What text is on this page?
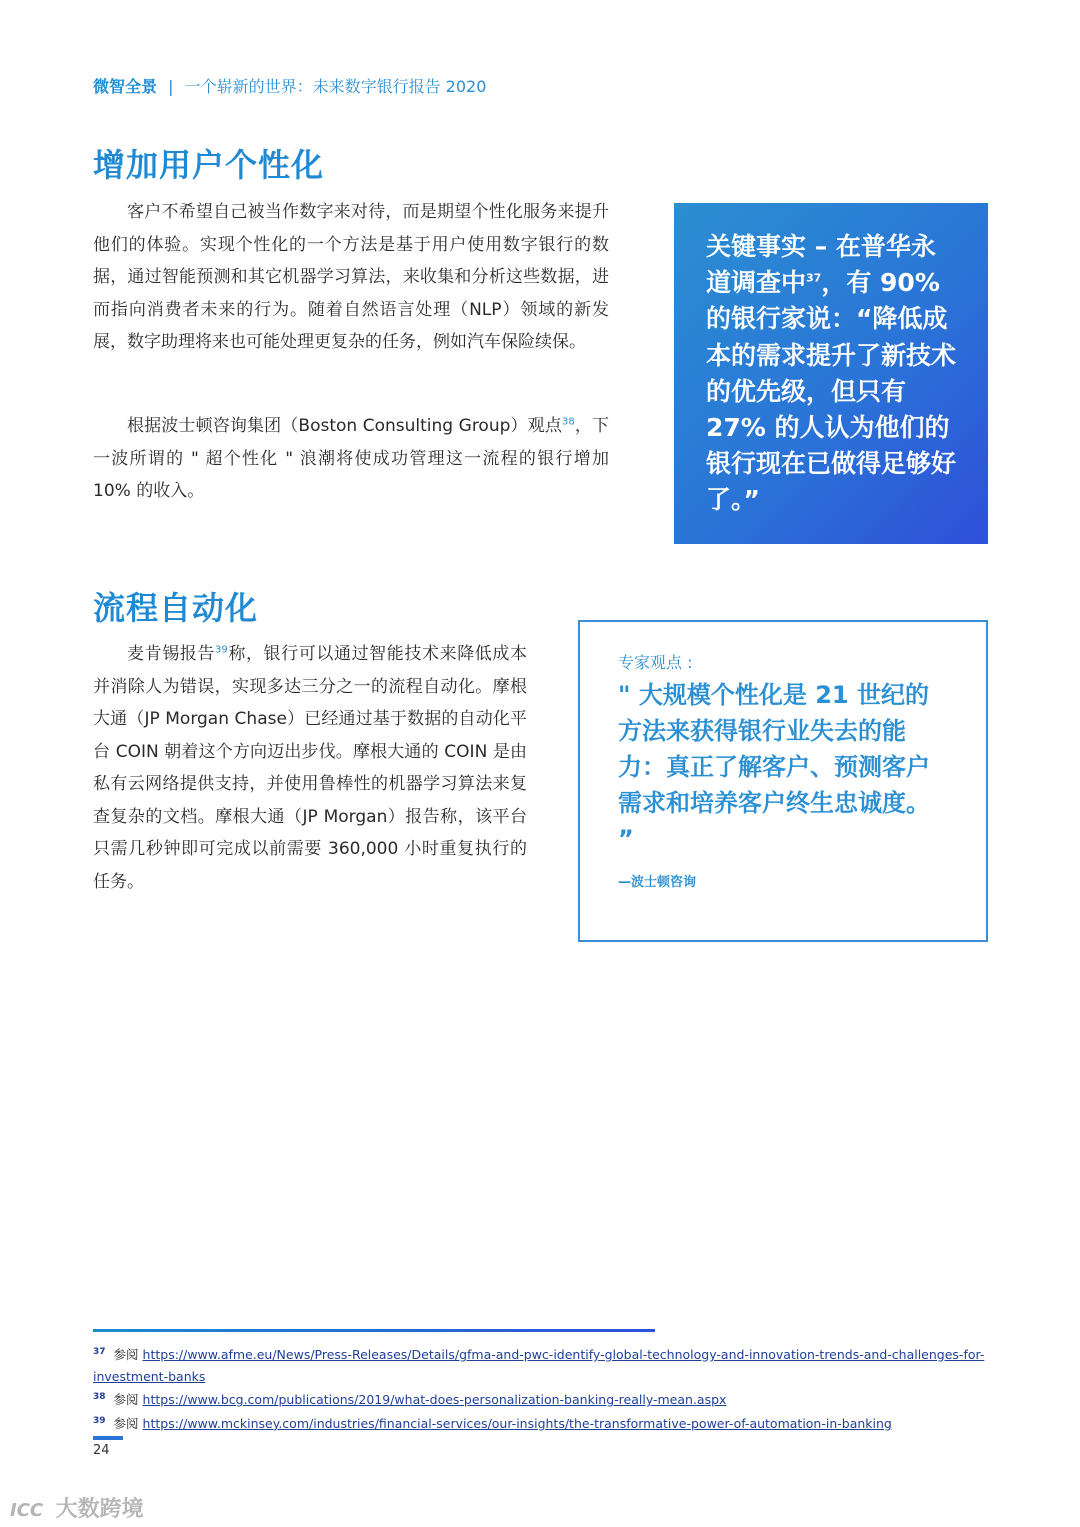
微智全景 | 一个崭新的世界：未来数字银行报告 2020
增加用户个性化

客户不希望自己被当作数字来对待，而是期望个性化服务来提升他们的体验。实现个性化的一个方法是基于用户使用数字银行的数据，通过智能预测和其它机器学习算法，来收集和分析这些数据，进而指向消费者未来的行为。随着自然语言处理（NLP）领域的新发展，数字助理将来也可能处理更复杂的任务，例如汽车保险续保。

根据波士顿咨询集团（Boston Consulting Group）观点$^{38}$，下一波所谓的 " 超个性化 " 浪潮将使成功管理这一流程的银行增加 10% 的收入。

关键事实 – 在普华永道调查中$^{37}$，有 90% 的银行家说：“降低成本的需求提升了新技术的优先级，但只有 27% 的人认为他们的银行现在已做得足够好了。”

流程自动化

麦肯锡报告$^{39}$称，银行可以通过智能技术来降低成本并消除人为错误，实现多达三分之一的流程自动化。摩根大通（JP Morgan Chase）已经通过基于数据的自动化平台 COIN 朝着这个方向迈出步伐。摩根大通的 COIN 是由私有云网络提供支持，并使用鲁棒性的机器学习算法来复查复杂的文档。摩根大通（JP Morgan）报告称，该平台只需几秒钟即可完成以前需要 360,000 小时重复执行的任务。

专家观点 :

" 大规模个性化是 21 世纪的方法来获得银行业失去的能力：真正了解客户、预测客户需求和培养客户终生忠诚度。 ”

—波士顿咨询

$^{37}$ 参阅 https://www.afme.eu/News/Press-Releases/Details/gfma-and-pwc-identify-global-technology-and-innovation-trends-and-challenges-for-investment-banks

$^{38}$ 参阅 https://www.bcg.com/publications/2019/what-does-personalization-banking-really-mean.aspx

$^{39}$ 参阅 https://www.mckinsey.com/industries/financial-services/our-insights/the-transformative-power-of-automation-in-banking

24
ICC 大数跨境
